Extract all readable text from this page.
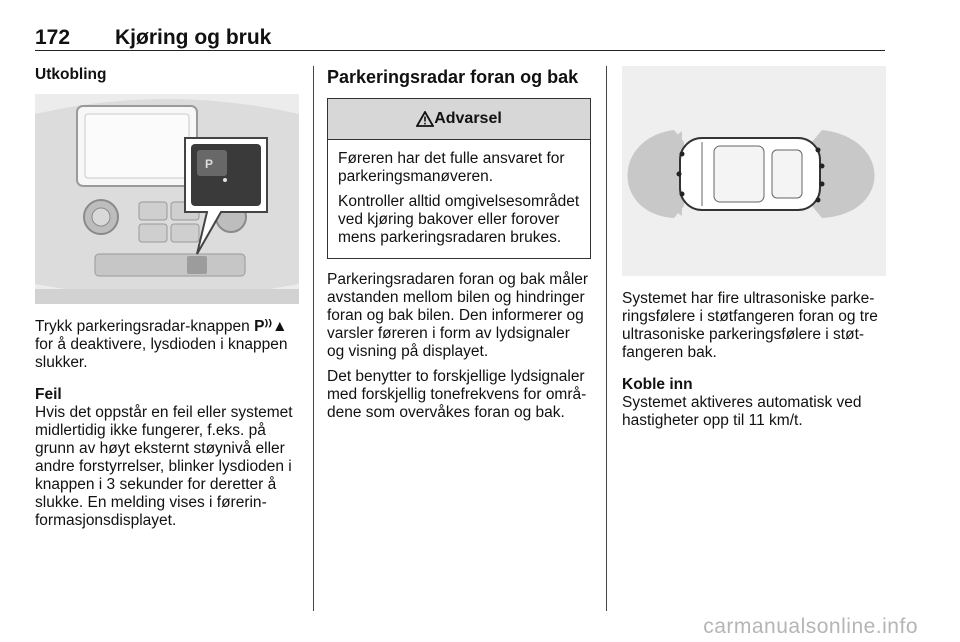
172 Kjøring og bruk
Utkobling
P

Trykk parkeringsradar-knappen P⁾⁾▲ for å deaktivere, lysdioden i knappen slukker.

Feil

Hvis det oppstår en feil eller systemet midlertidig ikke fungerer, f.eks. på grunn av høyt eksternt støynivå eller andre forstyrrelser, blinker lysdioden i knappen i 3 sekunder for deretter å slukke. En melding vises i førerinformasjonsdisplayet.

Parkeringsradar foran og bak
Advarsel

Føreren har det fulle ansvaret for parkeringsmanøveren.

Kontroller alltid omgivelsesområdet ved kjøring bakover eller forover mens parkeringsradaren brukes.

Parkeringsradaren foran og bak måler avstanden mellom bilen og hindringer foran og bak bilen. Den informerer og varsler føreren i form av lydsignaler og visning på displayet.

Det benytter to forskjellige lydsignaler med forskjellig tonefrekvens for områdene som overvåkes foran og bak.

Systemet har fire ultrasoniske parkeringsfølere i støtfangeren foran og tre ultrasoniske parkeringsfølere i støtfangeren bak.

Koble inn

Systemet aktiveres automatisk ved hastigheter opp til 11 km/t.

carmanualsonline.info
